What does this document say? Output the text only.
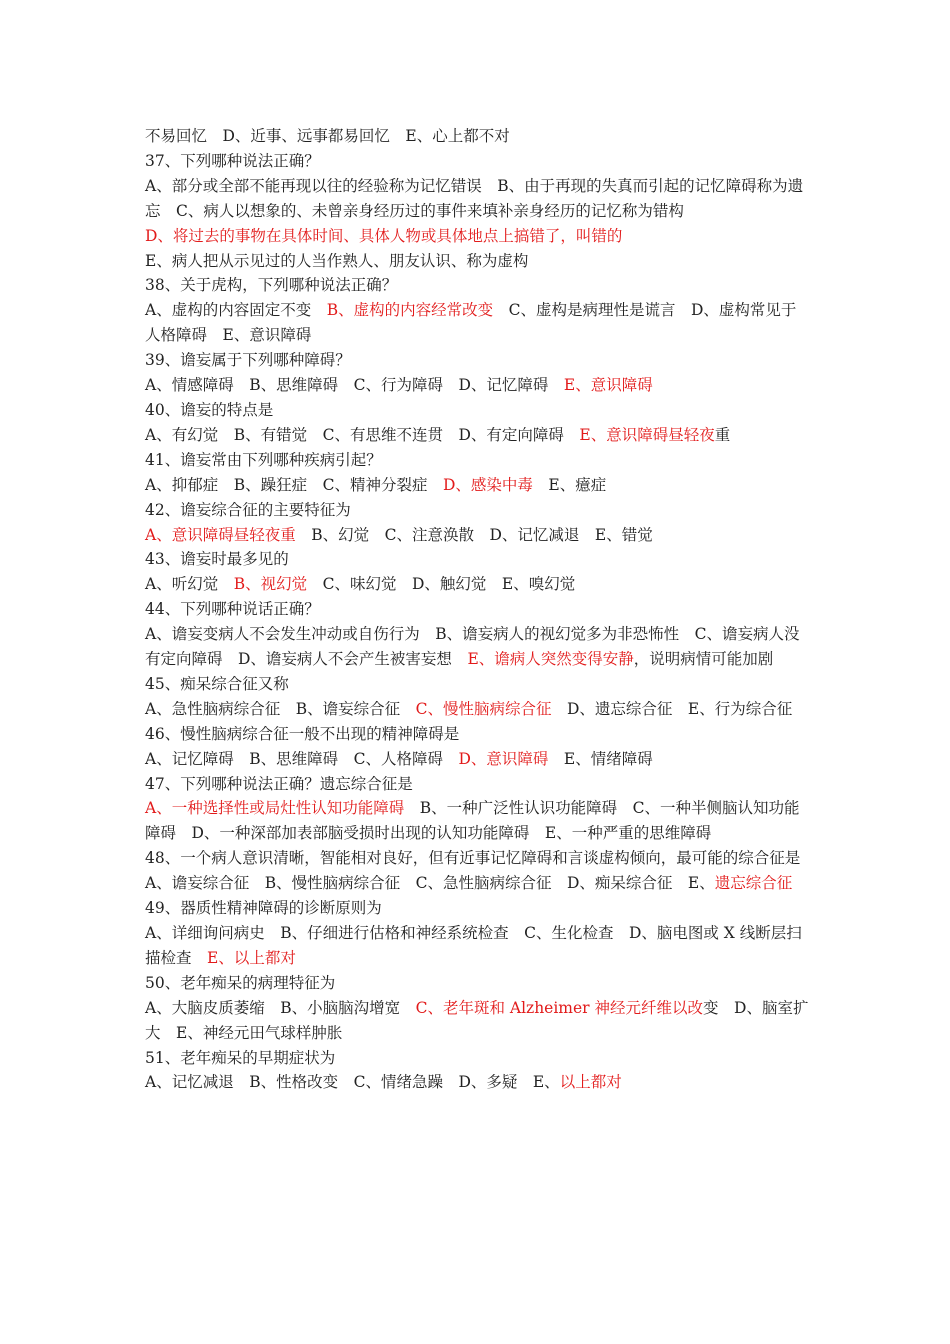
不易回忆　D、近事、远事都易回忆　E、心上都不对

37、下列哪种说法正确？

A、部分或全部不能再现以往的经验称为记忆错误　B、由于再现的失真而引起的记忆障碍称为遗忘　C、病人以想象的、未曾亲身经历过的事件来填补亲身经历的记忆称为错构

D、将过去的事物在具体时间、具体人物或具体地点上搞错了，叫错的

E、病人把从示见过的人当作熟人、朋友认识、称为虚构

38、关于虎构，下列哪种说法正确？

A、虚构的内容固定不变　B、虚构的内容经常改变　C、虚构是病理性是谎言　D、虚构常见于人格障碍　E、意识障碍

39、谵妄属于下列哪种障碍？

A、情感障碍　B、思维障碍　C、行为障碍　D、记忆障碍　E、意识障碍

40、谵妄的特点是

A、有幻觉　B、有错觉　C、有思维不连贯　D、有定向障碍　E、意识障碍昼轻夜重

41、谵妄常由下列哪种疾病引起？

A、抑郁症　B、躁狂症　C、精神分裂症　D、感染中毒　E、癔症

42、谵妄综合征的主要特征为

A、意识障碍昼轻夜重　B、幻觉　C、注意涣散　D、记忆减退　E、错觉

43、谵妄时最多见的

A、听幻觉　B、视幻觉　C、味幻觉　D、触幻觉　E、嗅幻觉

44、下列哪种说话正确？

A、谵妄变病人不会发生冲动或自伤行为　B、谵妄病人的视幻觉多为非恐怖性　C、谵妄病人没有定向障碍　D、谵妄病人不会产生被害妄想　E、谵病人突然变得安静，说明病情可能加剧

45、痴呆综合征又称

A、急性脑病综合征　B、谵妄综合征　C、慢性脑病综合征　D、遗忘综合征　E、行为综合征

46、慢性脑病综合征一般不出现的精神障碍是

A、记忆障碍　B、思维障碍　C、人格障碍　D、意识障碍　E、情绪障碍

47、下列哪种说法正确？遗忘综合征是

A、一种选择性或局灶性认知功能障碍　B、一种广泛性认识功能障碍　C、一种半侧脑认知功能障碍　D、一种深部加表部脑受损时出现的认知功能障碍　E、一种严重的思维障碍

48、一个病人意识清晰，智能相对良好，但有近事记忆障碍和言谈虚构倾向，最可能的综合征是

A、谵妄综合征　B、慢性脑病综合征　C、急性脑病综合征　D、痴呆综合征　E、遗忘综合征

49、器质性精神障碍的诊断原则为

A、详细询问病史　B、仔细进行估格和神经系统检查　C、生化检查　D、脑电图或 X 线断层扫描检查　E、以上都对

50、老年痴呆的病理特征为

A、大脑皮质萎缩　B、小脑脑沟增宽　C、老年斑和 Alzheimer 神经元纤维以改变　D、脑室扩大　E、神经元田气球样肿胀

51、老年痴呆的早期症状为

A、记忆减退　B、性格改变　C、情绪急躁　D、多疑　E、以上都对
